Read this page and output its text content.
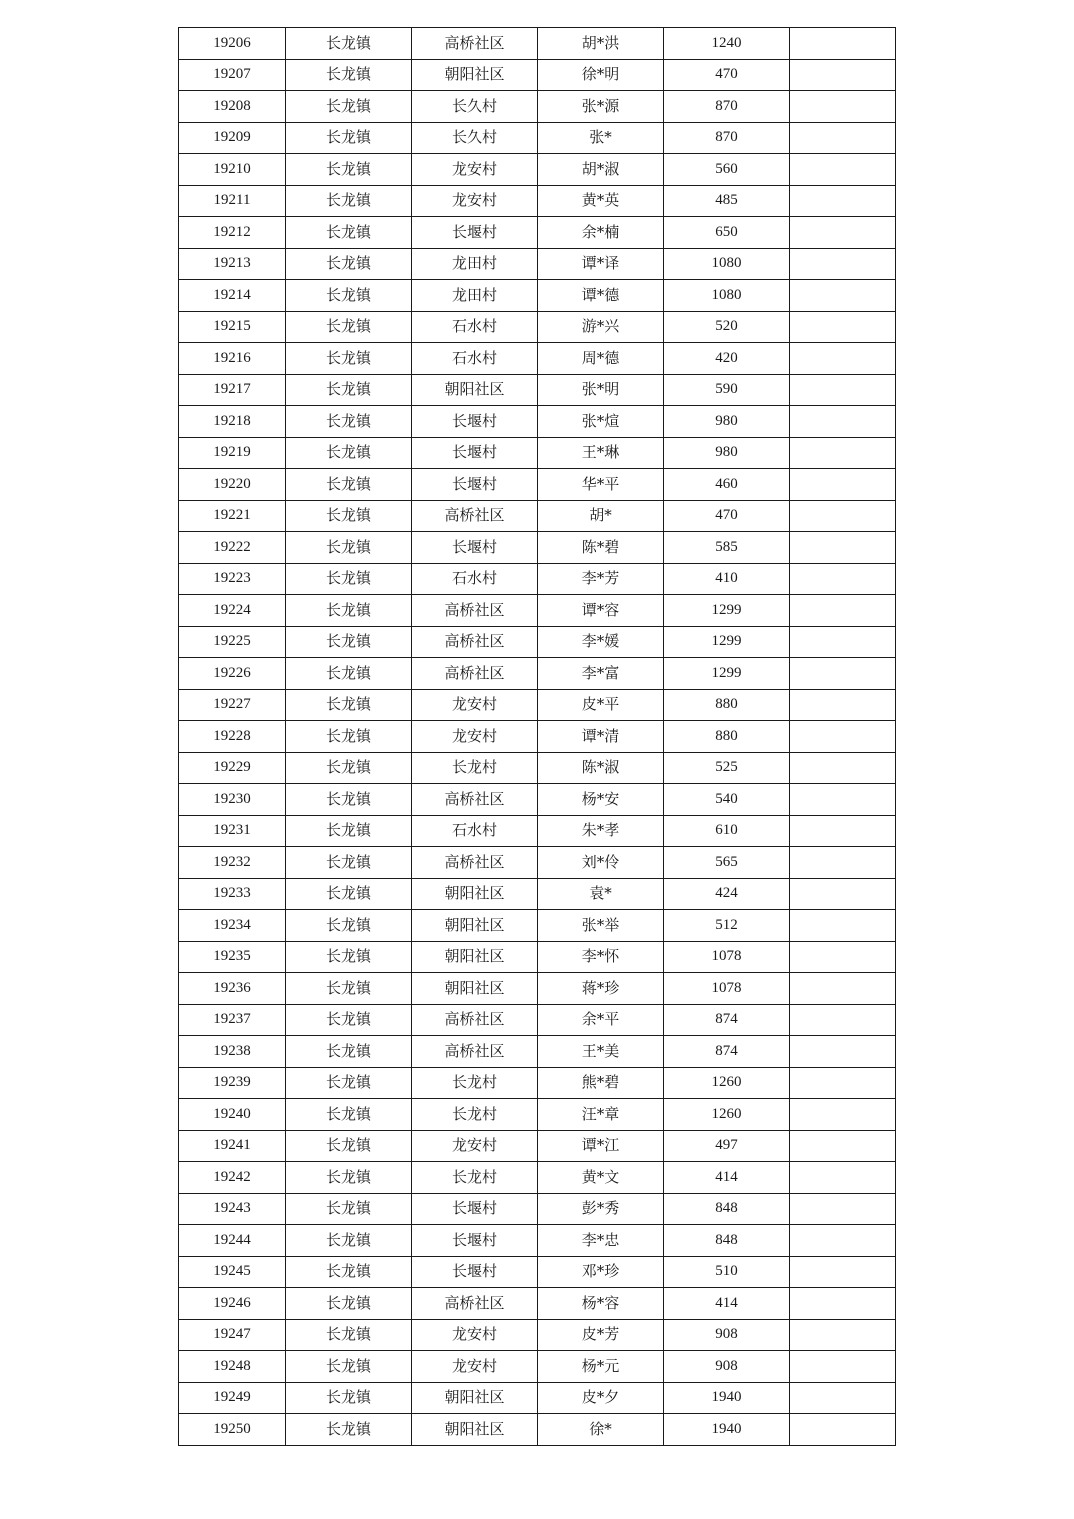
19206	长龙镇	高桥社区	胡*洪	1240	
19207	长龙镇	朝阳社区	徐*明	470	
19208	长龙镇	长久村	张*源	870	
19209	长龙镇	长久村	张*	870	
19210	长龙镇	龙安村	胡*淑	560	
19211	长龙镇	龙安村	黄*英	485	
19212	长龙镇	长堰村	余*楠	650	
19213	长龙镇	龙田村	谭*译	1080	
19214	长龙镇	龙田村	谭*德	1080	
19215	长龙镇	石水村	游*兴	520	
19216	长龙镇	石水村	周*德	420	
19217	长龙镇	朝阳社区	张*明	590	
19218	长龙镇	长堰村	张*煊	980	
19219	长龙镇	长堰村	王*琳	980	
19220	长龙镇	长堰村	华*平	460	
19221	长龙镇	高桥社区	胡*	470	
19222	长龙镇	长堰村	陈*碧	585	
19223	长龙镇	石水村	李*芳	410	
19224	长龙镇	高桥社区	谭*容	1299	
19225	长龙镇	高桥社区	李*媛	1299	
19226	长龙镇	高桥社区	李*富	1299	
19227	长龙镇	龙安村	皮*平	880	
19228	长龙镇	龙安村	谭*清	880	
19229	长龙镇	长龙村	陈*淑	525	
19230	长龙镇	高桥社区	杨*安	540	
19231	长龙镇	石水村	朱*孝	610	
19232	长龙镇	高桥社区	刘*伶	565	
19233	长龙镇	朝阳社区	袁*	424	
19234	长龙镇	朝阳社区	张*举	512	
19235	长龙镇	朝阳社区	李*怀	1078	
19236	长龙镇	朝阳社区	蒋*珍	1078	
19237	长龙镇	高桥社区	余*平	874	
19238	长龙镇	高桥社区	王*美	874	
19239	长龙镇	长龙村	熊*碧	1260	
19240	长龙镇	长龙村	汪*章	1260	
19241	长龙镇	龙安村	谭*江	497	
19242	长龙镇	长龙村	黄*文	414	
19243	长龙镇	长堰村	彭*秀	848	
19244	长龙镇	长堰村	李*忠	848	
19245	长龙镇	长堰村	邓*珍	510	
19246	长龙镇	高桥社区	杨*容	414	
19247	长龙镇	龙安村	皮*芳	908	
19248	长龙镇	龙安村	杨*元	908	
19249	长龙镇	朝阳社区	皮*夕	1940	
19250	长龙镇	朝阳社区	徐*	1940	
